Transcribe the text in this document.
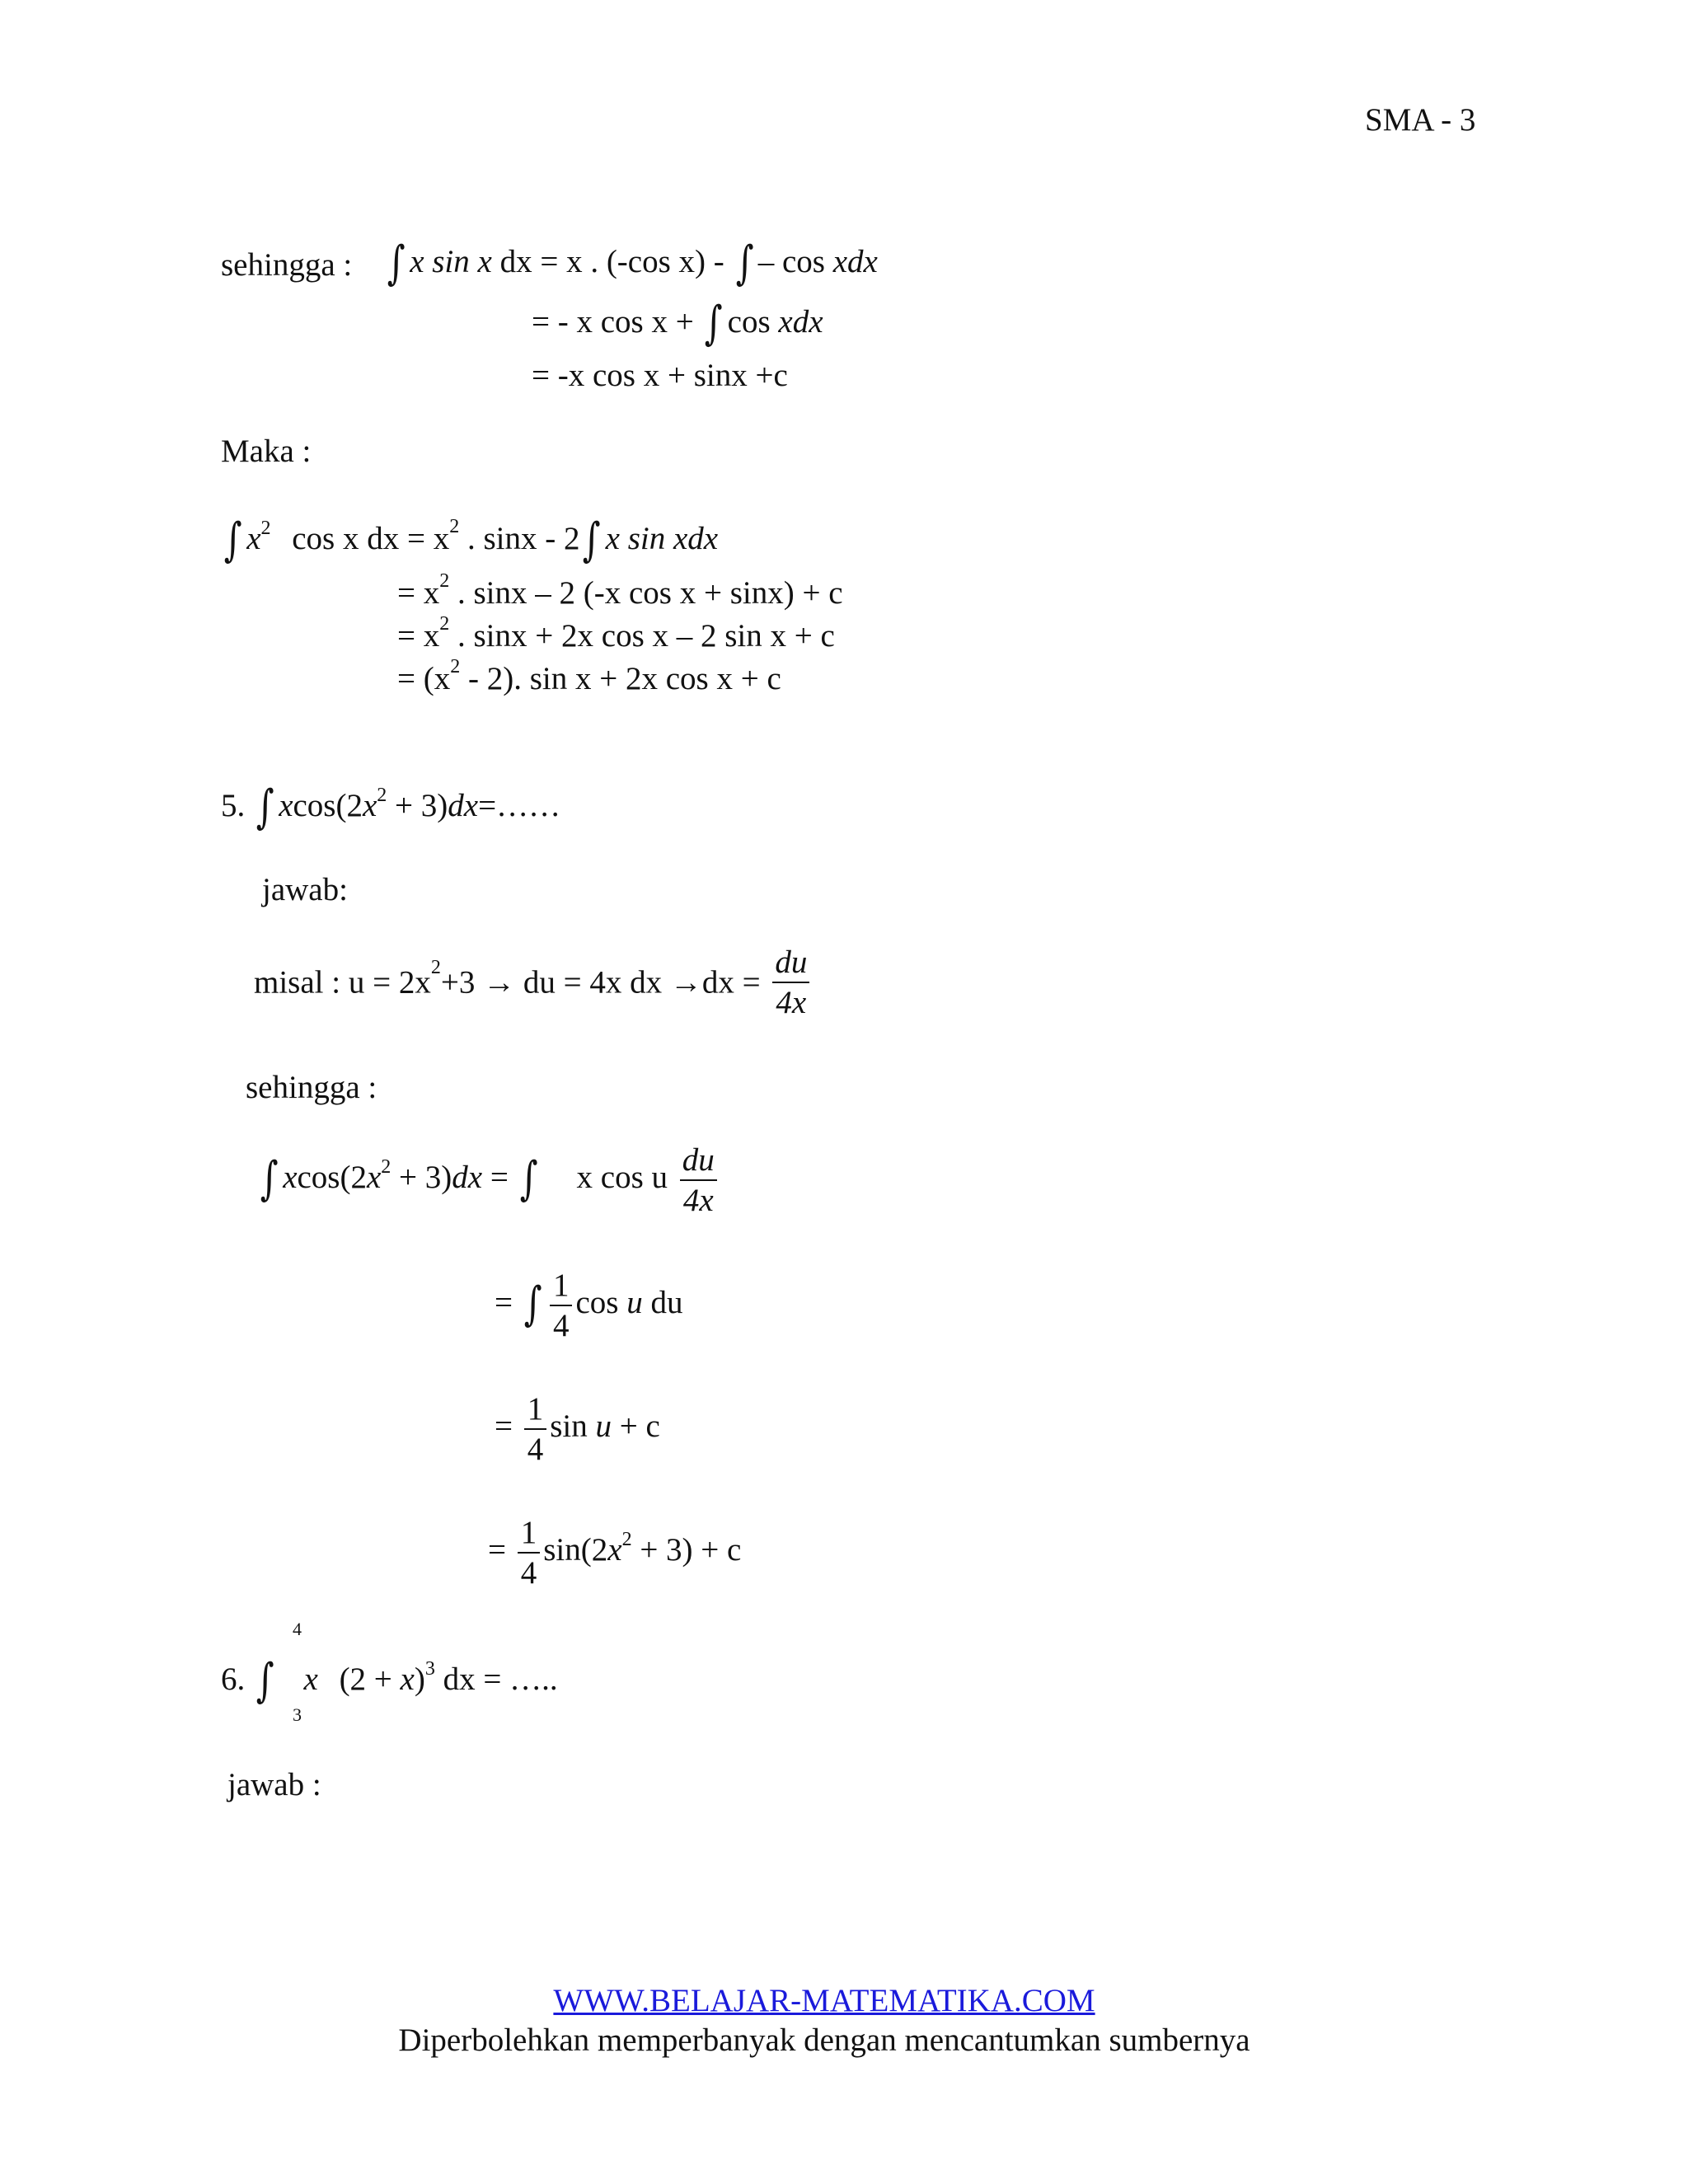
SMA - 3
sehingga : ∫ x sin x dx = x . (-cos x) - ∫ – cos xdx
= - x cos x + ∫ cos xdx
= -x cos x + sinx +c
Maka :
∫ $x^2$ cos x dx = $x^2$ . sinx - 2∫ x sin xdx
= $x^2$ . sinx – 2 (-x cos x + sinx) + c
= $x^2$ . sinx + 2x cos x – 2 sin x + c
= $(x^2 - 2)$. sin x + 2x cos x + c
5. ∫ $xcos(2x^2$ + 3)dx=……
jawab:
misal : $u = 2x^2+3$ → du = 4x dx $\to dx = \frac{du}{4x}$
sehingga :
∫ $xcos(2x^2 + 3)dx$ = ∫ x cos u $\frac{du}{4x}$
= ∫ $\frac{1}{4}$ cos u du
= $\frac{1}{4}$ sin u + c
= $\frac{1}{4} \sin(2x^2 + 3) + c$
6.
4
∫
3
x $(2 + x)^3$ dx = …..
jawab :
WWW.BELAJAR-MATEMATIKA.COM
Diperbolehkan memperbanyak dengan mencantumkan sumbernya
